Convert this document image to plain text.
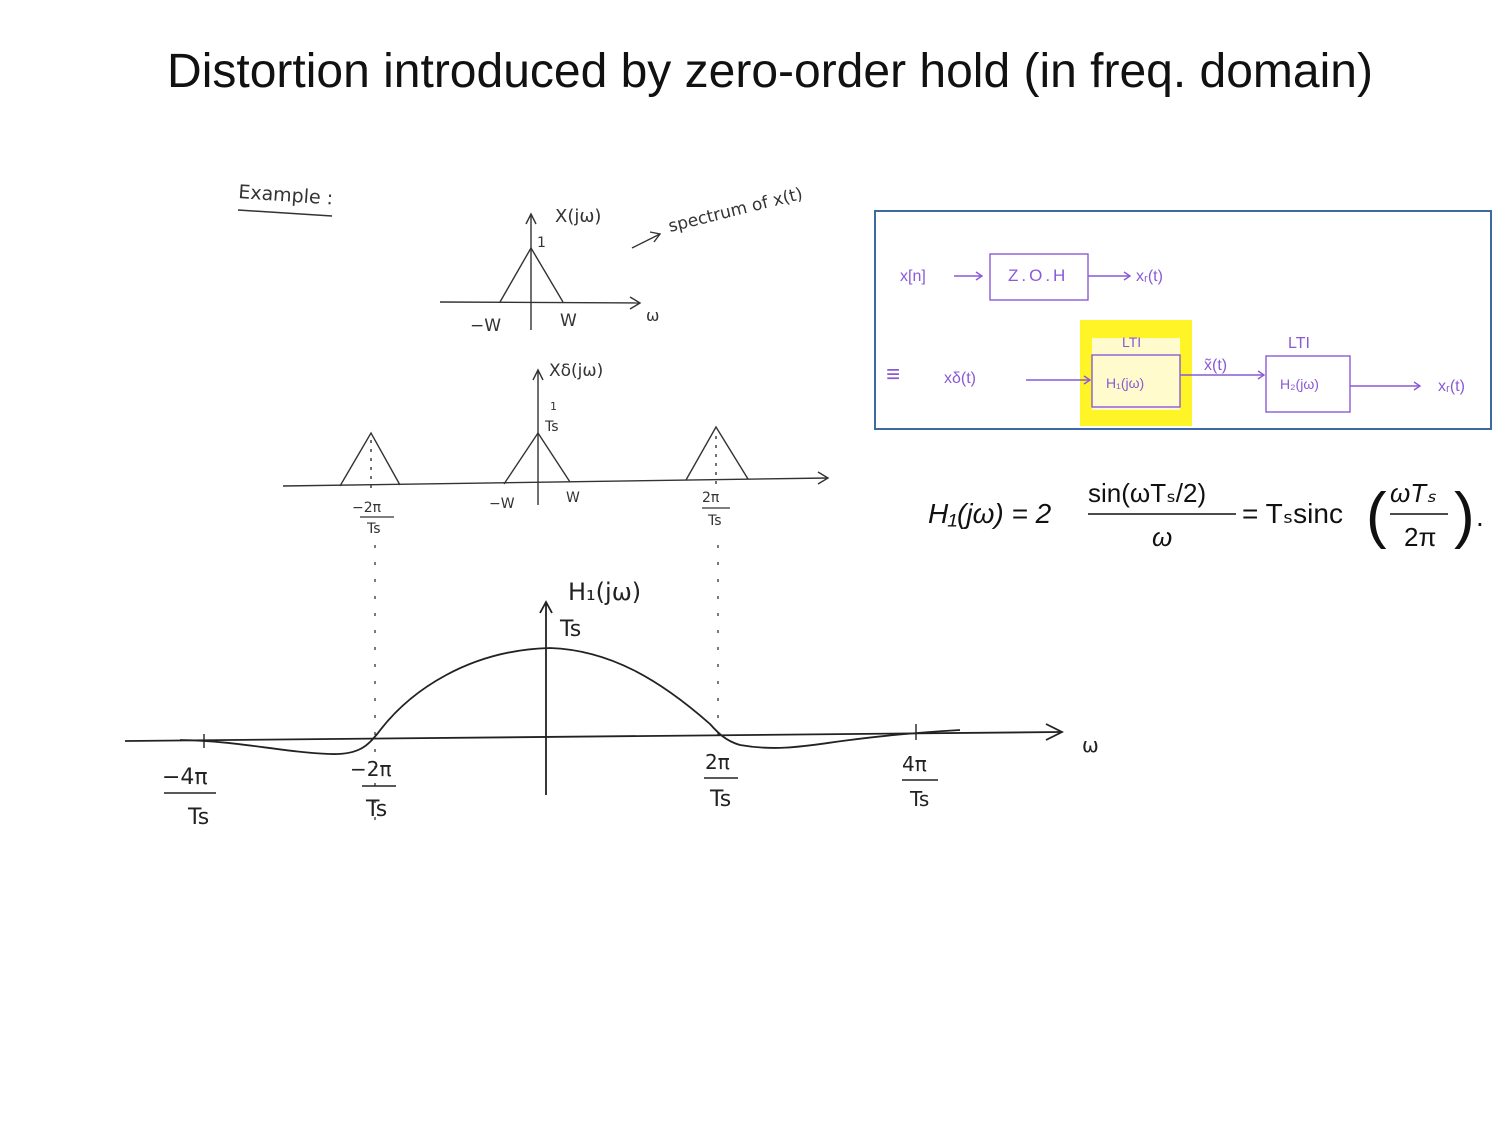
Distortion introduced by zero-order hold (in freq. domain)
Example :
X(jω)
1
−W	W	ω
spectrum of x(t)
Xδ(jω)
1
Ts
−W	W
−2π
Ts
2π
Ts
H₁(jω)
Ts
ω
−4π
Ts
−2π
Ts
2π
Ts
4π
Ts
x[n]	Z.O.H	xᵣ(t)
≡	xδ(t)
LTI
H₁(jω)
x̃(t)
LTI
H₂(jω)	xᵣ(t)
H₁(jω) = 2
sin(ωTₛ/2)
ω
= Tₛsinc ( ωTₛ
2π ) .
